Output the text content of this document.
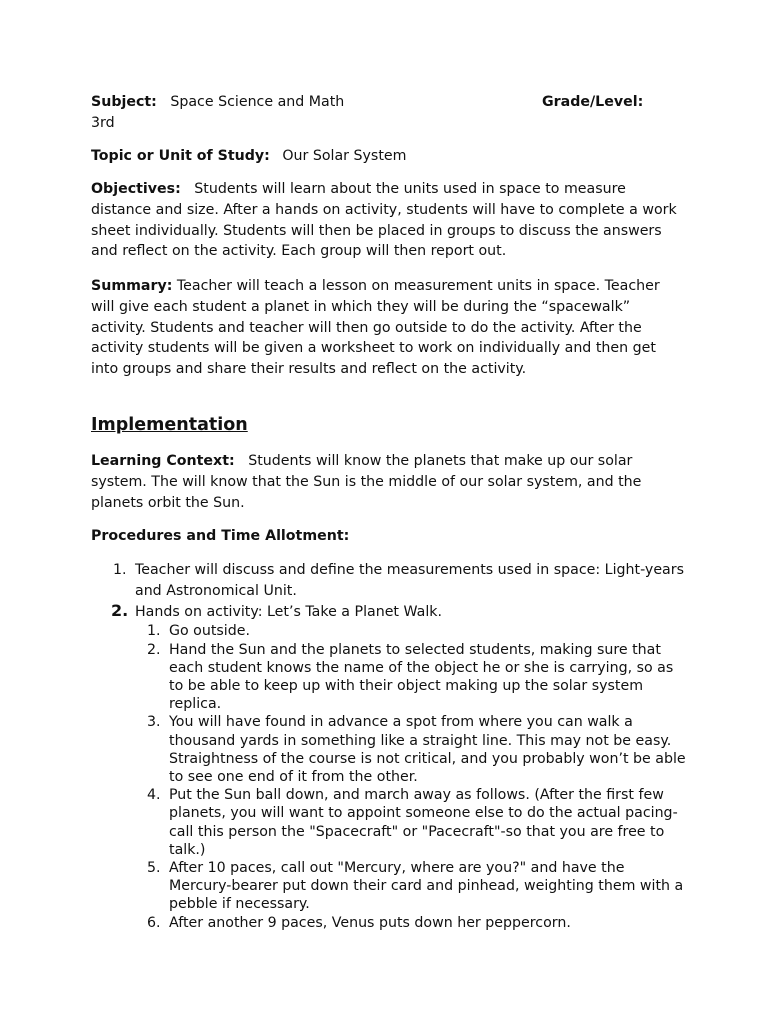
Subject: Space Science and Math	Grade/Level:
3rd

Topic or Unit of Study: Our Solar System

Objectives: Students will learn about the units used in space to measure distance and size. After a hands on activity, students will have to complete a work sheet individually. Students will then be placed in groups to discuss the answers and reflect on the activity. Each group will then report out.

Summary: Teacher will teach a lesson on measurement units in space. Teacher will give each student a planet in which they will be during the “spacewalk” activity. Students and teacher will then go outside to do the activity. After the activity students will be given a worksheet to work on individually and then get into groups and share their results and reflect on the activity.

Implementation

Learning Context: Students will know the planets that make up our solar system. The will know that the Sun is the middle of our solar system, and the planets orbit the Sun.

Procedures and Time Allotment:

1. Teacher will discuss and define the measurements used in space: Light-years and Astronomical Unit.
2. Hands on activity: Let’s Take a Planet Walk.
1. Go outside.
2. Hand the Sun and the planets to selected students, making sure that each student knows the name of the object he or she is carrying, so as to be able to keep up with their object making up the solar system replica.
3. You will have found in advance a spot from where you can walk a thousand yards in something like a straight line. This may not be easy. Straightness of the course is not critical, and you probably won’t be able to see one end of it from the other.
4. Put the Sun ball down, and march away as follows. (After the first few planets, you will want to appoint someone else to do the actual pacing-call this person the "Spacecraft" or "Pacecraft"-so that you are free to talk.)
5. After 10 paces, call out "Mercury, where are you?" and have the Mercury-bearer put down their card and pinhead, weighting them with a pebble if necessary.
6. After another 9 paces, Venus puts down her peppercorn.
